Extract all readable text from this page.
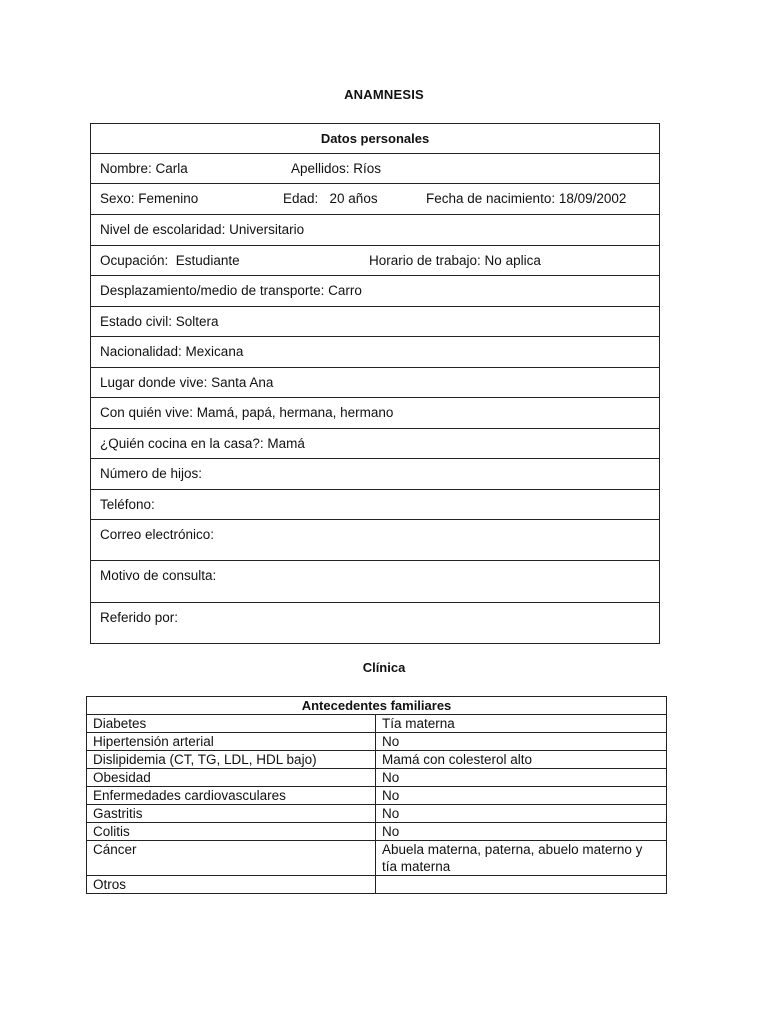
ANAMNESIS
Datos personales

Nombre: Carla	Apellidos: Ríos

Sexo: Femenino	Edad:   20 años	Fecha de nacimiento: 18/09/2002

Nivel de escolaridad: Universitario

Ocupación:  Estudiante	Horario de trabajo: No aplica

Desplazamiento/medio de transporte: Carro

Estado civil: Soltera

Nacionalidad: Mexicana

Lugar donde vive: Santa Ana

Con quién vive: Mamá, papá, hermana, hermano

¿Quién cocina en la casa?: Mamá

Número de hijos:

Teléfono:

Correo electrónico:

Motivo de consulta:

Referido por:
Clínica
Antecedentes familiares	
Diabetes	Tía materna
Hipertensión arterial	No
Dislipidemia (CT, TG, LDL, HDL bajo)	Mamá con colesterol alto
Obesidad	No
Enfermedades cardiovasculares	No
Gastritis	No
Colitis	No
Cáncer	Abuela materna, paterna, abuelo materno y tía materna
Otros	
